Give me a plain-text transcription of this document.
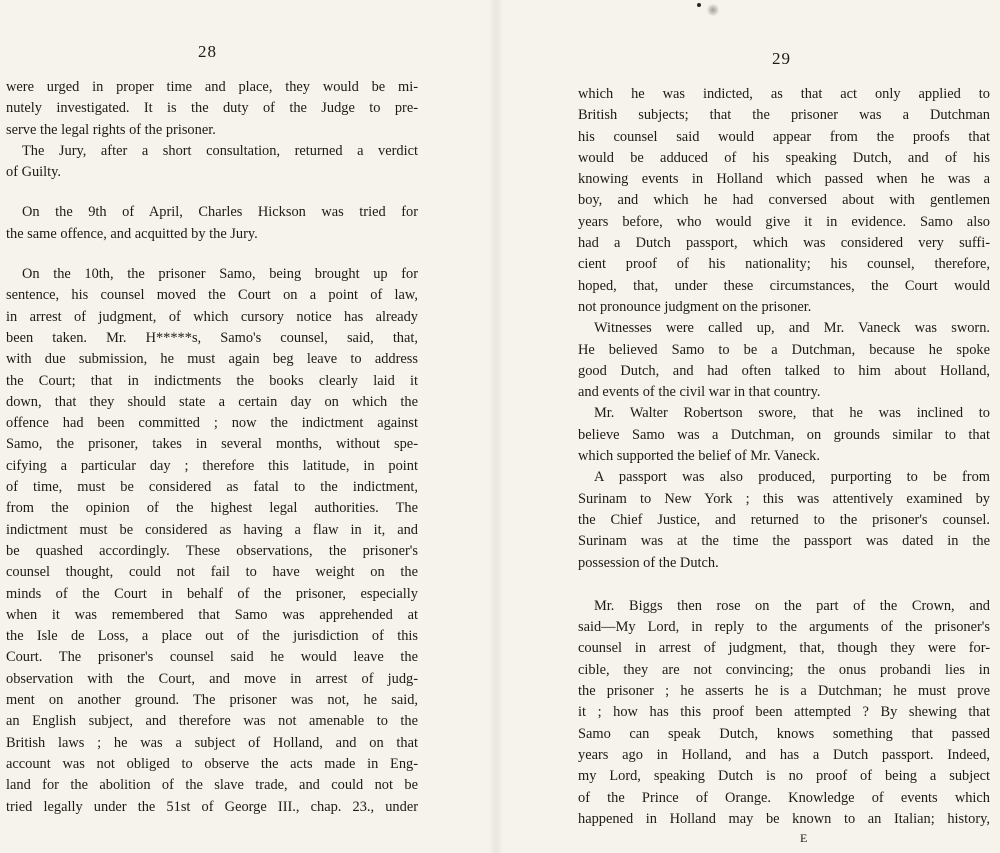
28
were urged in proper time and place, they would be mi-
nutely investigated. It is the duty of the Judge to pre-
serve the legal rights of the prisoner.
The Jury, after a short consultation, returned a verdict
of Guilty.
On the 9th of April, Charles Hickson was tried for
the same offence, and acquitted by the Jury.
On the 10th, the prisoner Samo, being brought up for
sentence, his counsel moved the Court on a point of law,
in arrest of judgment, of which cursory notice has already
been taken. Mr. H*****s, Samo's counsel, said, that,
with due submission, he must again beg leave to address
the Court; that in indictments the books clearly laid it
down, that they should state a certain day on which the
offence had been committed ; now the indictment against
Samo, the prisoner, takes in several months, without spe-
cifying a particular day ; therefore this latitude, in point
of time, must be considered as fatal to the indictment,
from the opinion of the highest legal authorities. The
indictment must be considered as having a flaw in it, and
be quashed accordingly. These observations, the prisoner's
counsel thought, could not fail to have weight on the
minds of the Court in behalf of the prisoner, especially
when it was remembered that Samo was apprehended at
the Isle de Loss, a place out of the jurisdiction of this
Court. The prisoner's counsel said he would leave the
observation with the Court, and move in arrest of judg-
ment on another ground. The prisoner was not, he said,
an English subject, and therefore was not amenable to the
British laws ; he was a subject of Holland, and on that
account was not obliged to observe the acts made in Eng-
land for the abolition of the slave trade, and could not be
tried legally under the 51st of George III., chap. 23., under
29
which he was indicted, as that act only applied to
British subjects; that the prisoner was a Dutchman
his counsel said would appear from the proofs that
would be adduced of his speaking Dutch, and of his
knowing events in Holland which passed when he was a
boy, and which he had conversed about with gentlemen
years before, who would give it in evidence. Samo also
had a Dutch passport, which was considered very suffi-
cient proof of his nationality; his counsel, therefore,
hoped, that, under these circumstances, the Court would
not pronounce judgment on the prisoner.
Witnesses were called up, and Mr. Vaneck was sworn.
He believed Samo to be a Dutchman, because he spoke
good Dutch, and had often talked to him about Holland,
and events of the civil war in that country.
Mr. Walter Robertson swore, that he was inclined to
believe Samo was a Dutchman, on grounds similar to that
which supported the belief of Mr. Vaneck.
A passport was also produced, purporting to be from
Surinam to New York ; this was attentively examined by
the Chief Justice, and returned to the prisoner's counsel.
Surinam was at the time the passport was dated in the
possession of the Dutch.
Mr. Biggs then rose on the part of the Crown, and
said—My Lord, in reply to the arguments of the prisoner's
counsel in arrest of judgment, that, though they were for-
cible, they are not convincing; the onus probandi lies in
the prisoner ; he asserts he is a Dutchman; he must prove
it ; how has this proof been attempted ? By shewing that
Samo can speak Dutch, knows something that passed
years ago in Holland, and has a Dutch passport. Indeed,
my Lord, speaking Dutch is no proof of being a subject
of the Prince of Orange. Knowledge of events which
happened in Holland may be known to an Italian; history,
E
